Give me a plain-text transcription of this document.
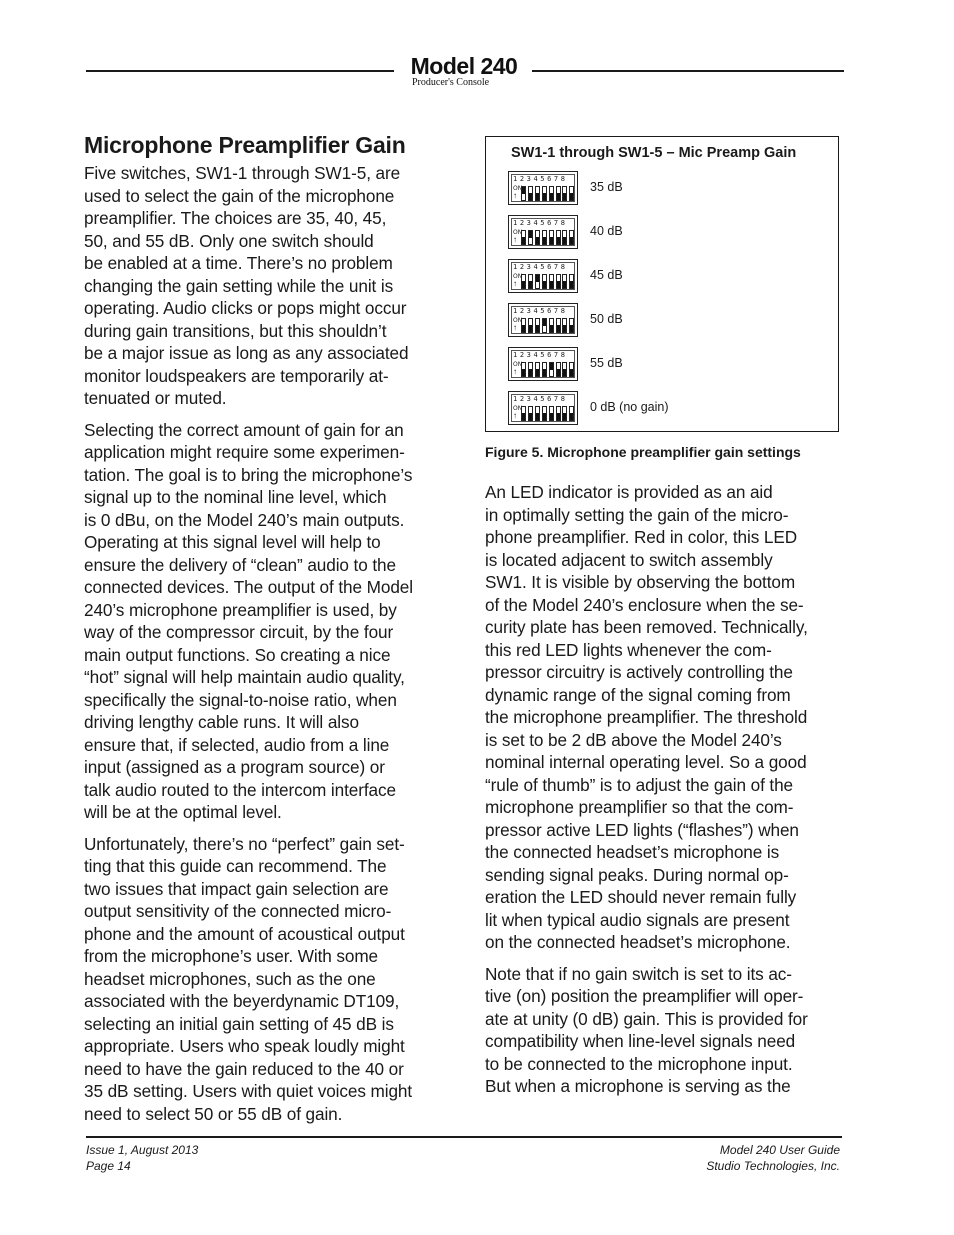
Model 240
Producer's Console
Microphone Preamplifier Gain

Five switches, SW1-1 through SW1-5, are
used to select the gain of the microphone
preamplifier. The choices are 35, 40, 45,
50, and 55 dB. Only one switch should
be enabled at a time. There’s no problem
changing the gain setting while the unit is
operating. Audio clicks or pops might occur
during gain transitions, but this shouldn’t
be a major issue as long as any associated
monitor loudspeakers are temporarily at-
tenuated or muted.

Selecting the correct amount of gain for an
application might require some experimen-
tation. The goal is to bring the microphone’s
signal up to the nominal line level, which
is 0 dBu, on the Model 240’s main outputs.
Operating at this signal level will help to
ensure the delivery of “clean” audio to the
connected devices. The output of the Model
240’s microphone preamplifier is used, by
way of the compressor circuit, by the four
main output functions. So creating a nice
“hot” signal will help maintain audio quality,
specifically the signal-to-noise ratio, when
driving lengthy cable runs. It will also
ensure that, if selected, audio from a line
input (assigned as a program source) or
talk audio routed to the intercom interface
will be at the optimal level.

Unfortunately, there’s no “perfect” gain set-
ting that this guide can recommend. The
two issues that impact gain selection are
output sensitivity of the connected micro-
phone and the amount of acoustical output
from the microphone’s user. With some
headset microphones, such as the one
associated with the beyerdynamic DT109,
selecting an initial gain setting of 45 dB is
appropriate. Users who speak loudly might
need to have the gain reduced to the 40 or
35 dB setting. Users with quiet voices might
need to select 50 or 55 dB of gain.

SW1-1 through SW1-5 – Mic Preamp Gain
12345678
ON
↑
35 dB
12345678
ON
↑
40 dB
12345678
ON
↑
45 dB
12345678
ON
↑
50 dB
12345678
ON
↑
55 dB
12345678
ON
↑
0 dB (no gain)
Figure 5. Microphone preamplifier gain settings

An LED indicator is provided as an aid
in optimally setting the gain of the micro-
phone preamplifier. Red in color, this LED
is located adjacent to switch assembly
SW1. It is visible by observing the bottom
of the Model 240’s enclosure when the se-
curity plate has been removed. Technically,
this red LED lights whenever the com-
pressor circuitry is actively controlling the
dynamic range of the signal coming from
the microphone preamplifier. The threshold
is set to be 2 dB above the Model 240’s
nominal internal operating level. So a good
“rule of thumb” is to adjust the gain of the
microphone preamplifier so that the com-
pressor active LED lights (“flashes”) when
the connected headset’s microphone is
sending signal peaks. During normal op-
eration the LED should never remain fully
lit when typical audio signals are present
on the connected headset’s microphone.

Note that if no gain switch is set to its ac-
tive (on) position the preamplifier will oper-
ate at unity (0 dB) gain. This is provided for
compatibility when line-level signals need
to be connected to the microphone input.
But when a microphone is serving as the

Issue 1, August 2013
Page 14
Model 240 User Guide
Studio Technologies, Inc.
